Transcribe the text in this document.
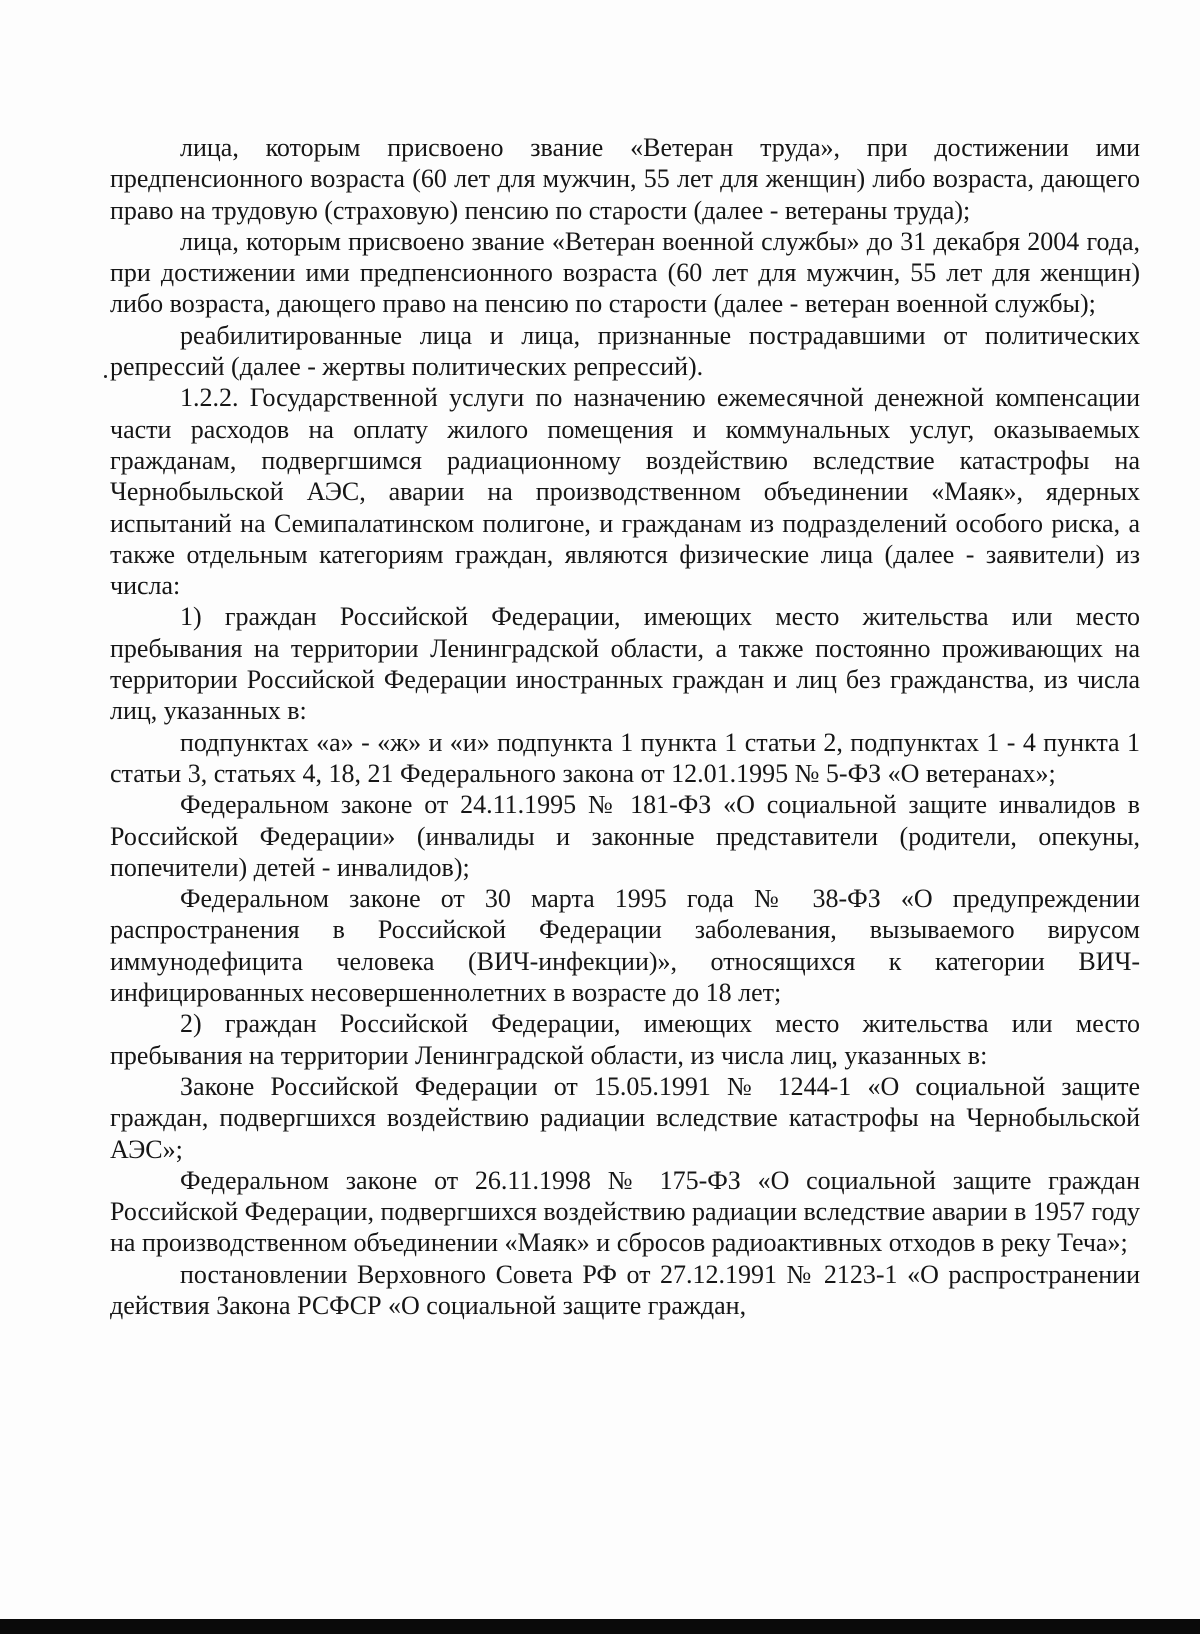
лица, которым присвоено звание «Ветеран труда», при достижении ими предпенсионного возраста (60 лет для мужчин, 55 лет для женщин) либо возраста, дающего право на трудовую (страховую) пенсию по старости (далее - ветераны труда);

лица, которым присвоено звание «Ветеран военной службы» до 31 декабря 2004 года, при достижении ими предпенсионного возраста (60 лет для мужчин, 55 лет для женщин) либо возраста, дающего право на пенсию по старости (далее - ветеран военной службы);

реабилитированные лица и лица, признанные пострадавшими от политических репрессий (далее - жертвы политических репрессий).

1.2.2. Государственной услуги по назначению ежемесячной денежной компенсации части расходов на оплату жилого помещения и коммунальных услуг, оказываемых гражданам, подвергшимся радиационному воздействию вследствие катастрофы на Чернобыльской АЭС, аварии на производственном объединении «Маяк», ядерных испытаний на Семипалатинском полигоне, и гражданам из подразделений особого риска, а также отдельным категориям граждан, являются физические лица (далее - заявители) из числа:

1) граждан Российской Федерации, имеющих место жительства или место пребывания на территории Ленинградской области, а также постоянно проживающих на территории Российской Федерации иностранных граждан и лиц без гражданства, из числа лиц, указанных в:

подпунктах «а» - «ж» и «и» подпункта 1 пункта 1 статьи 2, подпунктах 1 - 4 пункта 1 статьи 3, статьях 4, 18, 21 Федерального закона от 12.01.1995 № 5-ФЗ «О ветеранах»;

Федеральном законе от 24.11.1995 № 181-ФЗ «О социальной защите инвалидов в Российской Федерации» (инвалиды и законные представители (родители, опекуны, попечители) детей - инвалидов);

Федеральном законе от 30 марта 1995 года № 38-ФЗ «О предупреждении распространения в Российской Федерации заболевания, вызываемого вирусом иммунодефицита человека (ВИЧ-инфекции)», относящихся к категории ВИЧ-инфицированных несовершеннолетних в возрасте до 18 лет;

2) граждан Российской Федерации, имеющих место жительства или место пребывания на территории Ленинградской области, из числа лиц, указанных в:

Законе Российской Федерации от 15.05.1991 № 1244-1 «О социальной защите граждан, подвергшихся воздействию радиации вследствие катастрофы на Чернобыльской АЭС»;

Федеральном законе от 26.11.1998 № 175-ФЗ «О социальной защите граждан Российской Федерации, подвергшихся воздействию радиации вследствие аварии в 1957 году на производственном объединении «Маяк» и сбросов радиоактивных отходов в реку Теча»;

постановлении Верховного Совета РФ от 27.12.1991 № 2123-1 «О распространении действия Закона РСФСР «О социальной защите граждан,
